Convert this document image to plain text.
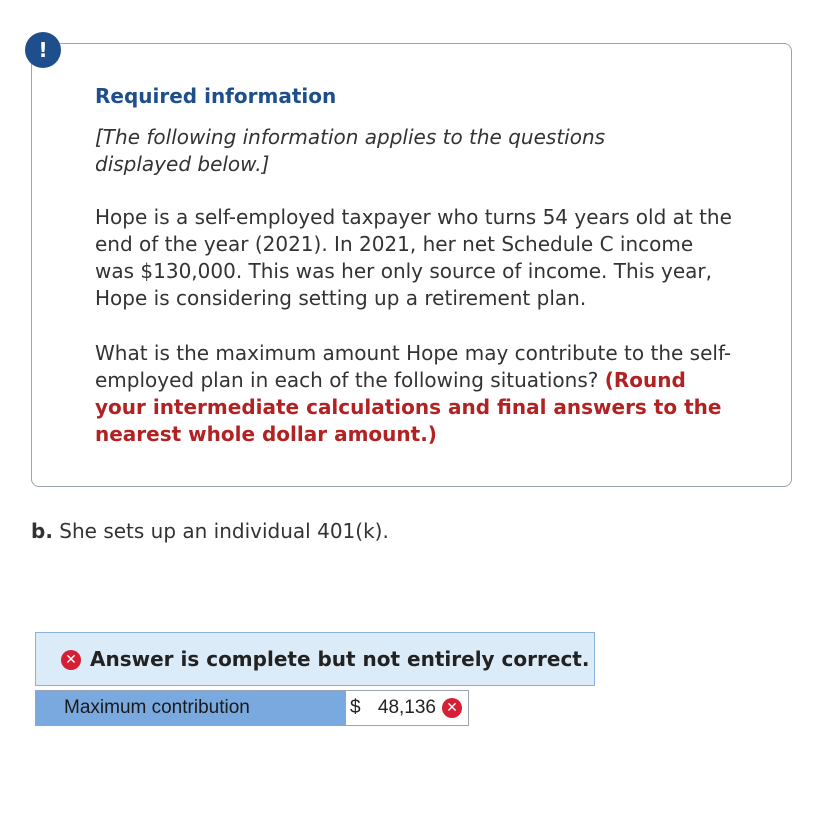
!

Required information

[The following information applies to the questions displayed below.]

Hope is a self-employed taxpayer who turns 54 years old at the end of the year (2021). In 2021, her net Schedule C income was $130,000. This was her only source of income. This year, Hope is considering setting up a retirement plan.

What is the maximum amount Hope may contribute to the self-employed plan in each of the following situations? (Round your intermediate calculations and final answers to the nearest whole dollar amount.)

b. She sets up an individual 401(k).

✕ Answer is complete but not entirely correct.
Maximum contribution	$ 48,136 ✕
